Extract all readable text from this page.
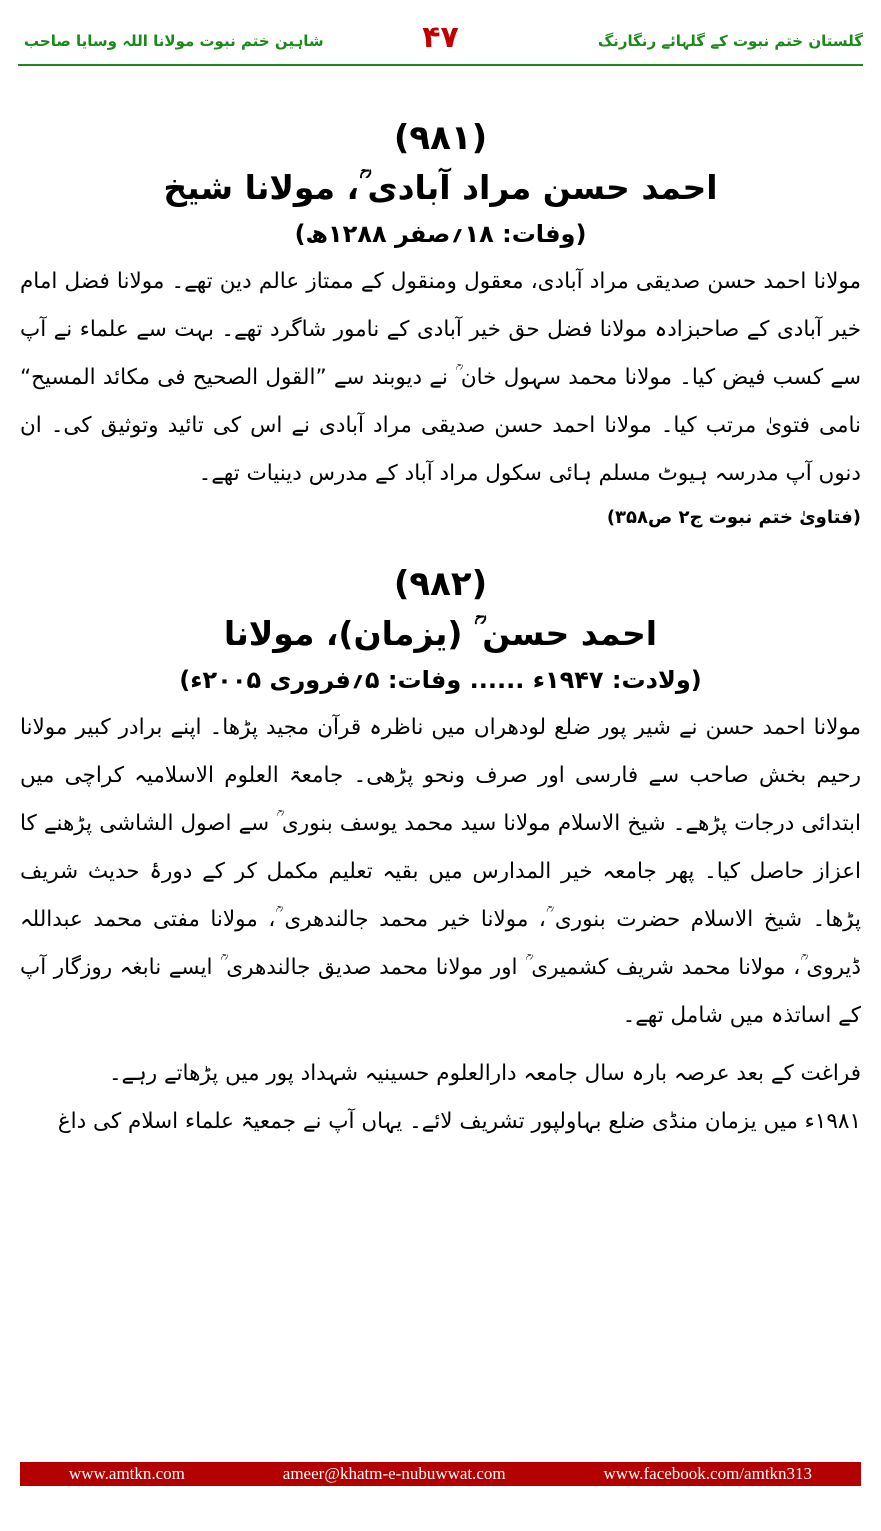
گلستان ختم نبوت کے گلہائے رنگارنگ
۴۷
شاہین ختم نبوت مولانا اللہ وسایا صاحب
(۹۸۱)
احمد حسن مراد آبادی ؒ، مولانا شیخ
(وفات: ۱۸؍صفر ۱۲۸۸ھ)

مولانا احمد حسن صدیقی مراد آبادی، معقول ومنقول کے ممتاز عالم دین تھے۔ مولانا فضل امام خیر آبادی کے صاحبزادہ مولانا فضل حق خیر آبادی کے نامور شاگرد تھے۔ بہت سے علماء نے آپ سے کسب فیض کیا۔ مولانا محمد سہول خان ؒ نے دیوبند سے ”القول الصحیح فی مکائد المسیح“ نامی فتویٰ مرتب کیا۔ مولانا احمد حسن صدیقی مراد آبادی نے اس کی تائید وتوثیق کی۔ ان دنوں آپ مدرسہ ہیوٹ مسلم ہائی سکول مراد آباد کے مدرس دینیات تھے۔

(فتاویٰ ختم نبوت ج۲ ص۳۵۸)

(۹۸۲)
احمد حسن ؒ (یزمان)، مولانا
(ولادت: ۱۹۴۷ء ...... وفات: ۵؍فروری ۲۰۰۵ء)

مولانا احمد حسن نے شیر پور ضلع لودھراں میں ناظرہ قرآن مجید پڑھا۔ اپنے برادر کبیر مولانا رحیم بخش صاحب سے فارسی اور صرف ونحو پڑھی۔ جامعۃ العلوم الاسلامیہ کراچی میں ابتدائی درجات پڑھے۔ شیخ الاسلام مولانا سید محمد یوسف بنوری ؒ سے اصول الشاشی پڑھنے کا اعزاز حاصل کیا۔ پھر جامعہ خیر المدارس میں بقیہ تعلیم مکمل کر کے دورۂ حدیث شریف پڑھا۔ شیخ الاسلام حضرت بنوری ؒ، مولانا خیر محمد جالندھری ؒ، مولانا مفتی محمد عبداللہ ڈیروی ؒ، مولانا محمد شریف کشمیری ؒ اور مولانا محمد صدیق جالندھری ؒ ایسے نابغہ روزگار آپ کے اساتذہ میں شامل تھے۔

فراغت کے بعد عرصہ بارہ سال جامعہ دارالعلوم حسینیہ شہداد پور میں پڑھاتے رہے۔

۱۹۸۱ء میں یزمان منڈی ضلع بہاولپور تشریف لائے۔ یہاں آپ نے جمعیۃ علماء اسلام کی داغ

www.amtkn.com	ameer@khatm-e-nubuwwat.com	www.facebook.com/amtkn313
